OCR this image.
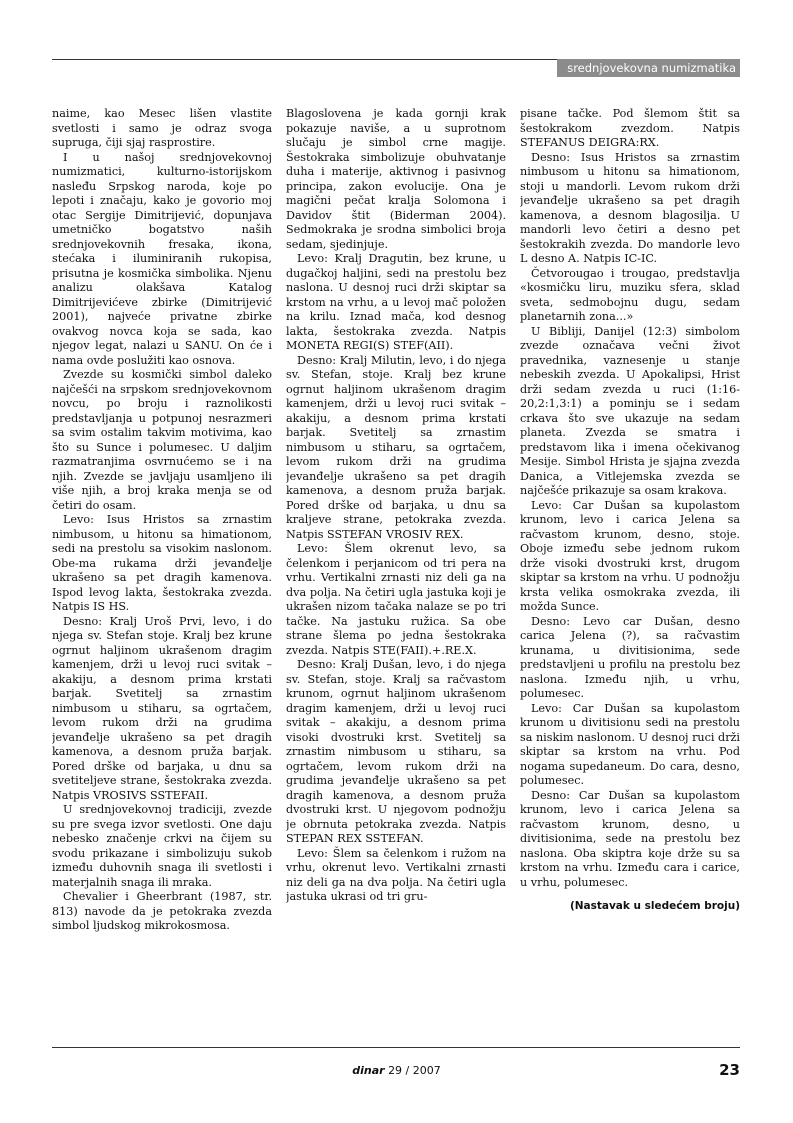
srednjovekovna numizmatika

naime, kao Mesec lišen vlastite svetlosti i samo je odraz svoga supruga, čiji sjaj rasprostire.

I u našoj srednjovekovnoj numizmatici, kulturno-istorijskom nasleđu Srpskog naroda, koje po lepoti i značaju, kako je govorio moj otac Sergije Dimitrijević, dopunjava umetničko bogatstvo naših srednjovekovnih fresaka, ikona, stećaka i iluminiranih rukopisa, prisutna je kosmička simbolika. Njenu analizu olakšava Katalog Dimitrijevićeve zbirke (Dimitrijević 2001), najveće privatne zbirke ovakvog novca koja se sada, kao njegov legat, nalazi u SANU. On će i nama ovde poslužiti kao osnova.

Zvezde su kosmički simbol daleko najčešći na srpskom srednjovekovnom novcu, po broju i raznolikosti predstavljanja u potpunoj nesrazmeri sa svim ostalim takvim motivima, kao što su Sunce i polumesec. U daljim razmatranjima osvrnućemo se i na njih. Zvezde se javljaju usamljeno ili više njih, a broj kraka menja se od četiri do osam.

Levo: Isus Hristos sa zrnastim nimbusom, u hitonu sa himationom, sedi na prestolu sa visokim naslonom. Obe-ma rukama drži jevanđelje ukrašeno sa pet dragih kamenova. Ispod levog lakta, šestokraka zvezda. Natpis IS HS.

Desno: Kralj Uroš Prvi, levo, i do njega sv. Stefan stoje. Kralj bez krune ogrnut haljinom ukrašenom dragim kamenjem, drži u levoj ruci svitak – akakiju, a desnom prima krstati barjak. Svetitelj sa zrnastim nimbusom u stiharu, sa ogrtačem, levom rukom drži na grudima jevanđelje ukrašeno sa pet dragih kamenova, a desnom pruža barjak. Pored drške od barjaka, u dnu sa svetiteljeve strane, šestokraka zvezda. Natpis VROSIVS SSTEFAII.

U srednjovekovnoj tradiciji, zvezde su pre svega izvor svetlosti. One daju nebesko značenje crkvi na čijem su svodu prikazane i simbolizuju sukob između duhovnih snaga ili svetlosti i materjalnih snaga ili mraka.

Chevalier i Gheerbrant (1987, str. 813) navode da je petokraka zvezda simbol ljudskog mikrokosmosa.

Blagoslovena je kada gornji krak pokazuje naviše, a u suprotnom slučaju je simbol crne magije. Šestokraka simbolizuje obuhvatanje duha i materije, aktivnog i pasivnog principa, zakon evolucije. Ona je magični pečat kralja Solomona i Davidov štit (Biderman 2004). Sedmokraka je srodna simbolici broja sedam, sjedinjuje.

Levo: Kralj Dragutin, bez krune, u dugačkoj haljini, sedi na prestolu bez naslona. U desnoj ruci drži skiptar sa krstom na vrhu, a u levoj mač položen na krilu. Iznad mača, kod desnog lakta, šestokraka zvezda. Natpis MONETA REGI(S) STEF(AII).

Desno: Kralj Milutin, levo, i do njega sv. Stefan, stoje. Kralj bez krune ogrnut haljinom ukrašenom dragim kamenjem, drži u levoj ruci svitak – akakiju, a desnom prima krstati barjak. Svetitelj sa zrnastim nimbusom u stiharu, sa ogrtačem, levom rukom drži na grudima jevanđelje ukrašeno sa pet dragih kamenova, a desnom pruža barjak. Pored drške od barjaka, u dnu sa kraljeve strane, petokraka zvezda. Natpis SSTEFAN VROSIV REX.

Levo: Šlem okrenut levo, sa čelenkom i perjanicom od tri pera na vrhu. Vertikalni zrnasti niz deli ga na dva polja. Na četiri ugla jastuka koji je ukrašen nizom tačaka nalaze se po tri tačke. Na jastuku ružica. Sa obe strane šlema po jedna šestokraka zvezda. Natpis STE(FAII).+.RE.X.

Desno: Kralj Dušan, levo, i do njega sv. Stefan, stoje. Kralj sa račvastom krunom, ogrnut haljinom ukrašenom dragim kamenjem, drži u levoj ruci svitak – akakiju, a desnom prima visoki dvostruki krst. Svetitelj sa zrnastim nimbusom u stiharu, sa ogrtačem, levom rukom drži na grudima jevanđelje ukrašeno sa pet dragih kamenova, a desnom pruža dvostruki krst. U njegovom podnožju je obrnuta petokraka zvezda. Natpis STEPAN REX SSTEFAN.

Levo: Šlem sa čelenkom i ružom na vrhu, okrenut levo. Vertikalni zrnasti niz deli ga na dva polja. Na četiri ugla jastuka ukrasi od tri gru-

pisane tačke. Pod šlemom štit sa šestokrakom zvezdom. Natpis STEFANUS DEIGRA:RX.

Desno: Isus Hristos sa zrnastim nimbusom u hitonu sa himationom, stoji u mandorli. Levom rukom drži jevanđelje ukrašeno sa pet dragih kamenova, a desnom blagosilja. U mandorli levo četiri a desno pet šestokrakih zvezda. Do mandorle levo L desno A. Natpis IC-IC.

Četvorougao i trougao, predstavlja «kosmičku liru, muziku sfera, sklad sveta, sedmobojnu dugu, sedam planetarnih zona...»

U Bibliji, Danijel (12:3) simbolom zvezde označava večni život pravednika, vaznesenje u stanje nebeskih zvezda. U Apokalipsi, Hrist drži sedam zvezda u ruci (1:16-20,2:1,3:1) a pominju se i sedam crkava što sve ukazuje na sedam planeta. Zvezda se smatra i predstavom lika i imena očekivanog Mesije. Simbol Hrista je sjajna zvezda Danica, a Vitlejemska zvezda se najčešće prikazuje sa osam krakova.

Levo: Car Dušan sa kupolastom krunom, levo i carica Jelena sa račvastom krunom, desno, stoje. Oboje između sebe jednom rukom drže visoki dvostruki krst, drugom skiptar sa krstom na vrhu. U podnožju krsta velika osmokraka zvezda, ili možda Sunce.

Desno: Levo car Dušan, desno carica Jelena (?), sa račvastim krunama, u divitisionima, sede predstavljeni u profilu na prestolu bez naslona. Između njih, u vrhu, polumesec.

Levo: Car Dušan sa kupolastom krunom u divitisionu sedi na prestolu sa niskim naslonom. U desnoj ruci drži skiptar sa krstom na vrhu. Pod nogama supedaneum. Do cara, desno, polumesec.

Desno: Car Dušan sa kupolastom krunom, levo i carica Jelena sa račvastom krunom, desno, u divitisionima, sede na prestolu bez naslona. Oba skiptra koje drže su sa krstom na vrhu. Između cara i carice, u vrhu, polumesec.

(Nastavak u sledećem broju)
dinar 29 / 2007	23
